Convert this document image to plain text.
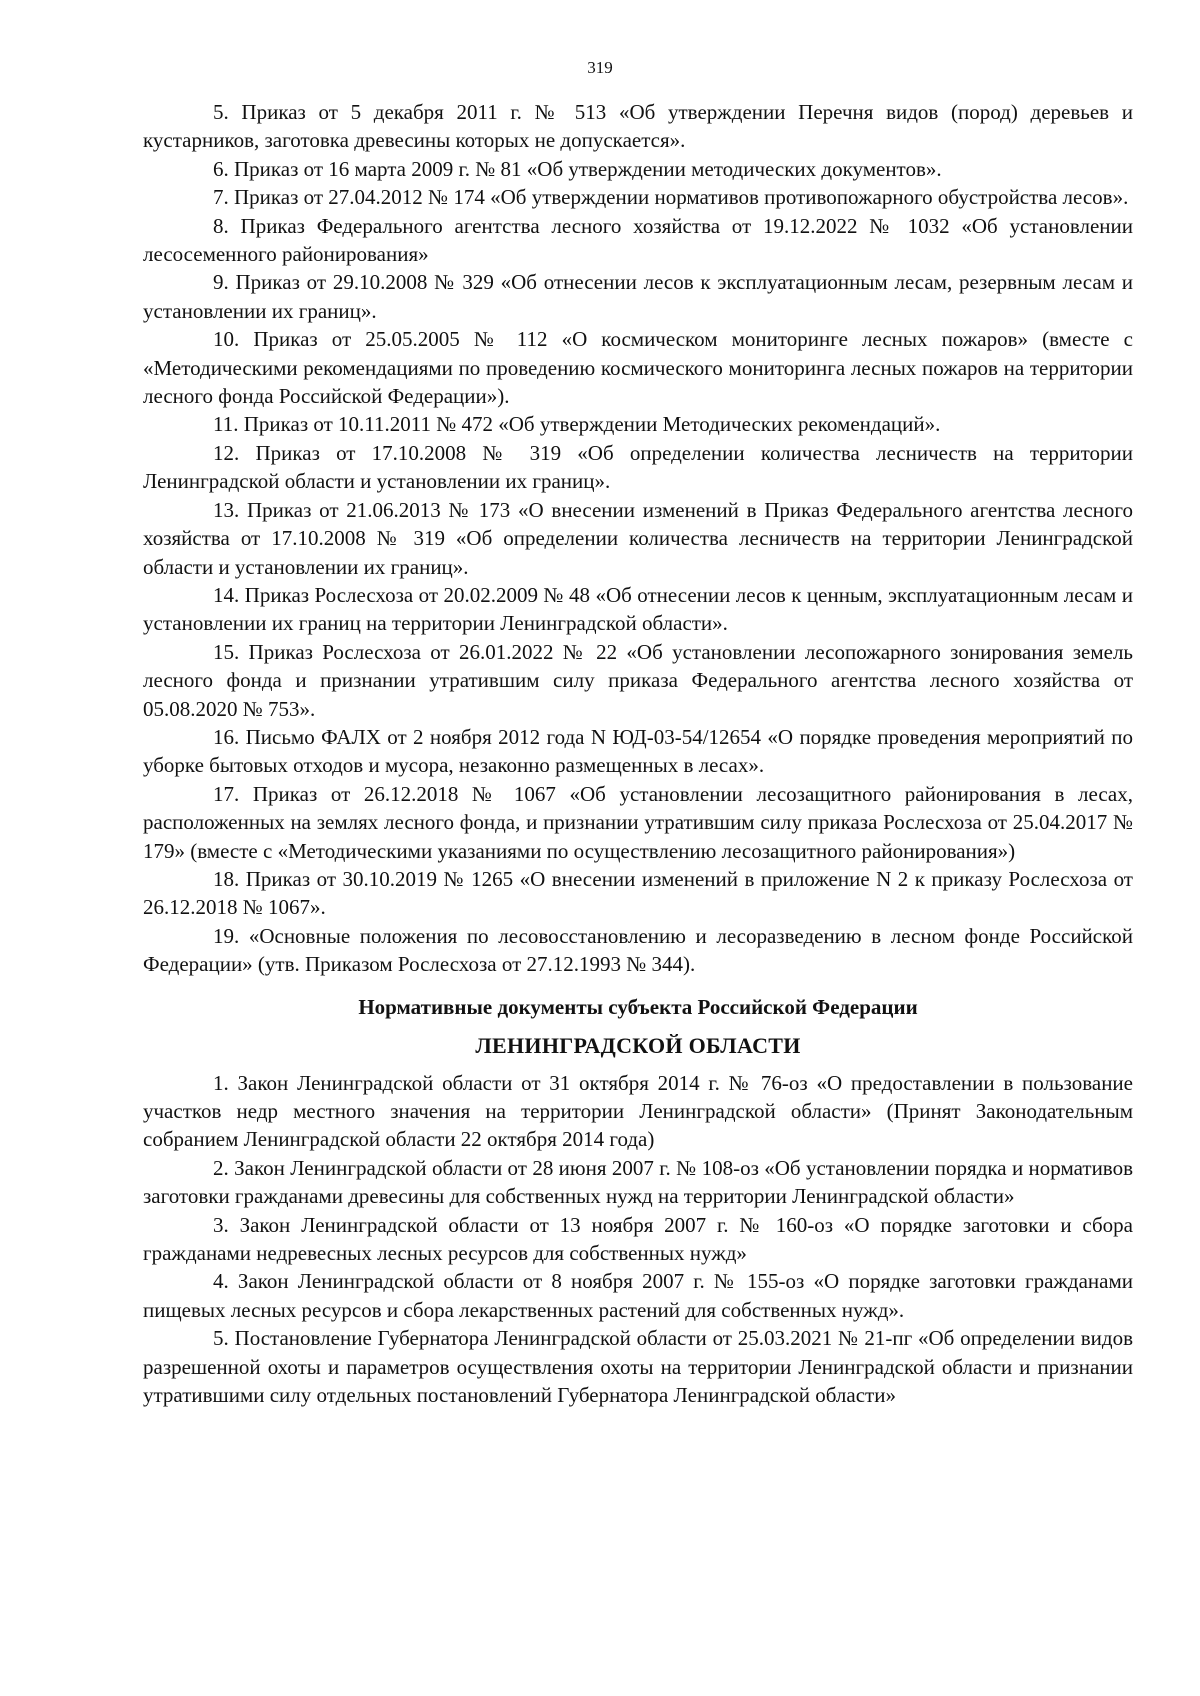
319

5. Приказ от 5 декабря 2011 г. № 513 «Об утверждении Перечня видов (пород) деревьев и кустарников, заготовка древесины которых не допускается».

6. Приказ от 16 марта 2009 г. № 81 «Об утверждении методических документов».

7. Приказ от 27.04.2012 № 174 «Об утверждении нормативов противопожарного обустройства лесов».

8. Приказ Федерального агентства лесного хозяйства от 19.12.2022 № 1032 «Об установлении лесосеменного районирования»

9. Приказ от 29.10.2008 № 329 «Об отнесении лесов к эксплуатационным лесам, резервным лесам и установлении их границ».

10. Приказ от 25.05.2005 № 112 «О космическом мониторинге лесных пожаров» (вместе с «Методическими рекомендациями по проведению космического мониторинга лесных пожаров на территории лесного фонда Российской Федерации»).

11. Приказ от 10.11.2011 № 472 «Об утверждении Методических рекомендаций».

12. Приказ от 17.10.2008 № 319 «Об определении количества лесничеств на территории Ленинградской области и установлении их границ».

13. Приказ от 21.06.2013 № 173 «О внесении изменений в Приказ Федерального агентства лесного хозяйства от 17.10.2008 № 319 «Об определении количества лесничеств на территории Ленинградской области и установлении их границ».

14. Приказ Рослесхоза от 20.02.2009 № 48 «Об отнесении лесов к ценным, эксплуатационным лесам и установлении их границ на территории Ленинградской области».

15. Приказ Рослесхоза от 26.01.2022 № 22 «Об установлении лесопожарного зонирования земель лесного фонда и признании утратившим силу приказа Федерального агентства лесного хозяйства от 05.08.2020 № 753».

16. Письмо ФАЛХ от 2 ноября 2012 года N ЮД-03-54/12654 «О порядке проведения мероприятий по уборке бытовых отходов и мусора, незаконно размещенных в лесах».

17. Приказ от 26.12.2018 № 1067 «Об установлении лесозащитного районирования в лесах, расположенных на землях лесного фонда, и признании утратившим силу приказа Рослесхоза от 25.04.2017 № 179» (вместе с «Методическими указаниями по осуществлению лесозащитного районирования»)

18. Приказ от 30.10.2019 № 1265 «О внесении изменений в приложение N 2 к приказу Рослесхоза от 26.12.2018 № 1067».

19. «Основные положения по лесовосстановлению и лесоразведению в лесном фонде Российской Федерации» (утв. Приказом Рослесхоза от 27.12.1993 № 344).

Нормативные документы субъекта Российской Федерации
ЛЕНИНГРАДСКОЙ ОБЛАСТИ

1. Закон Ленинградской области от 31 октября 2014 г. № 76-оз «О предоставлении в пользование участков недр местного значения на территории Ленинградской области» (Принят Законодательным собранием Ленинградской области 22 октября 2014 года)

2. Закон Ленинградской области от 28 июня 2007 г. № 108-оз «Об установлении порядка и нормативов заготовки гражданами древесины для собственных нужд на территории Ленинградской области»

3. Закон Ленинградской области от 13 ноября 2007 г. № 160-оз «О порядке заготовки и сбора гражданами недревесных лесных ресурсов для собственных нужд»

4. Закон Ленинградской области от 8 ноября 2007 г. № 155-оз «О порядке заготовки гражданами пищевых лесных ресурсов и сбора лекарственных растений для собственных нужд».

5. Постановление Губернатора Ленинградской области от 25.03.2021 № 21-пг «Об определении видов разрешенной охоты и параметров осуществления охоты на территории Ленинградской области и признании утратившими силу отдельных постановлений Губернатора Ленинградской области»
